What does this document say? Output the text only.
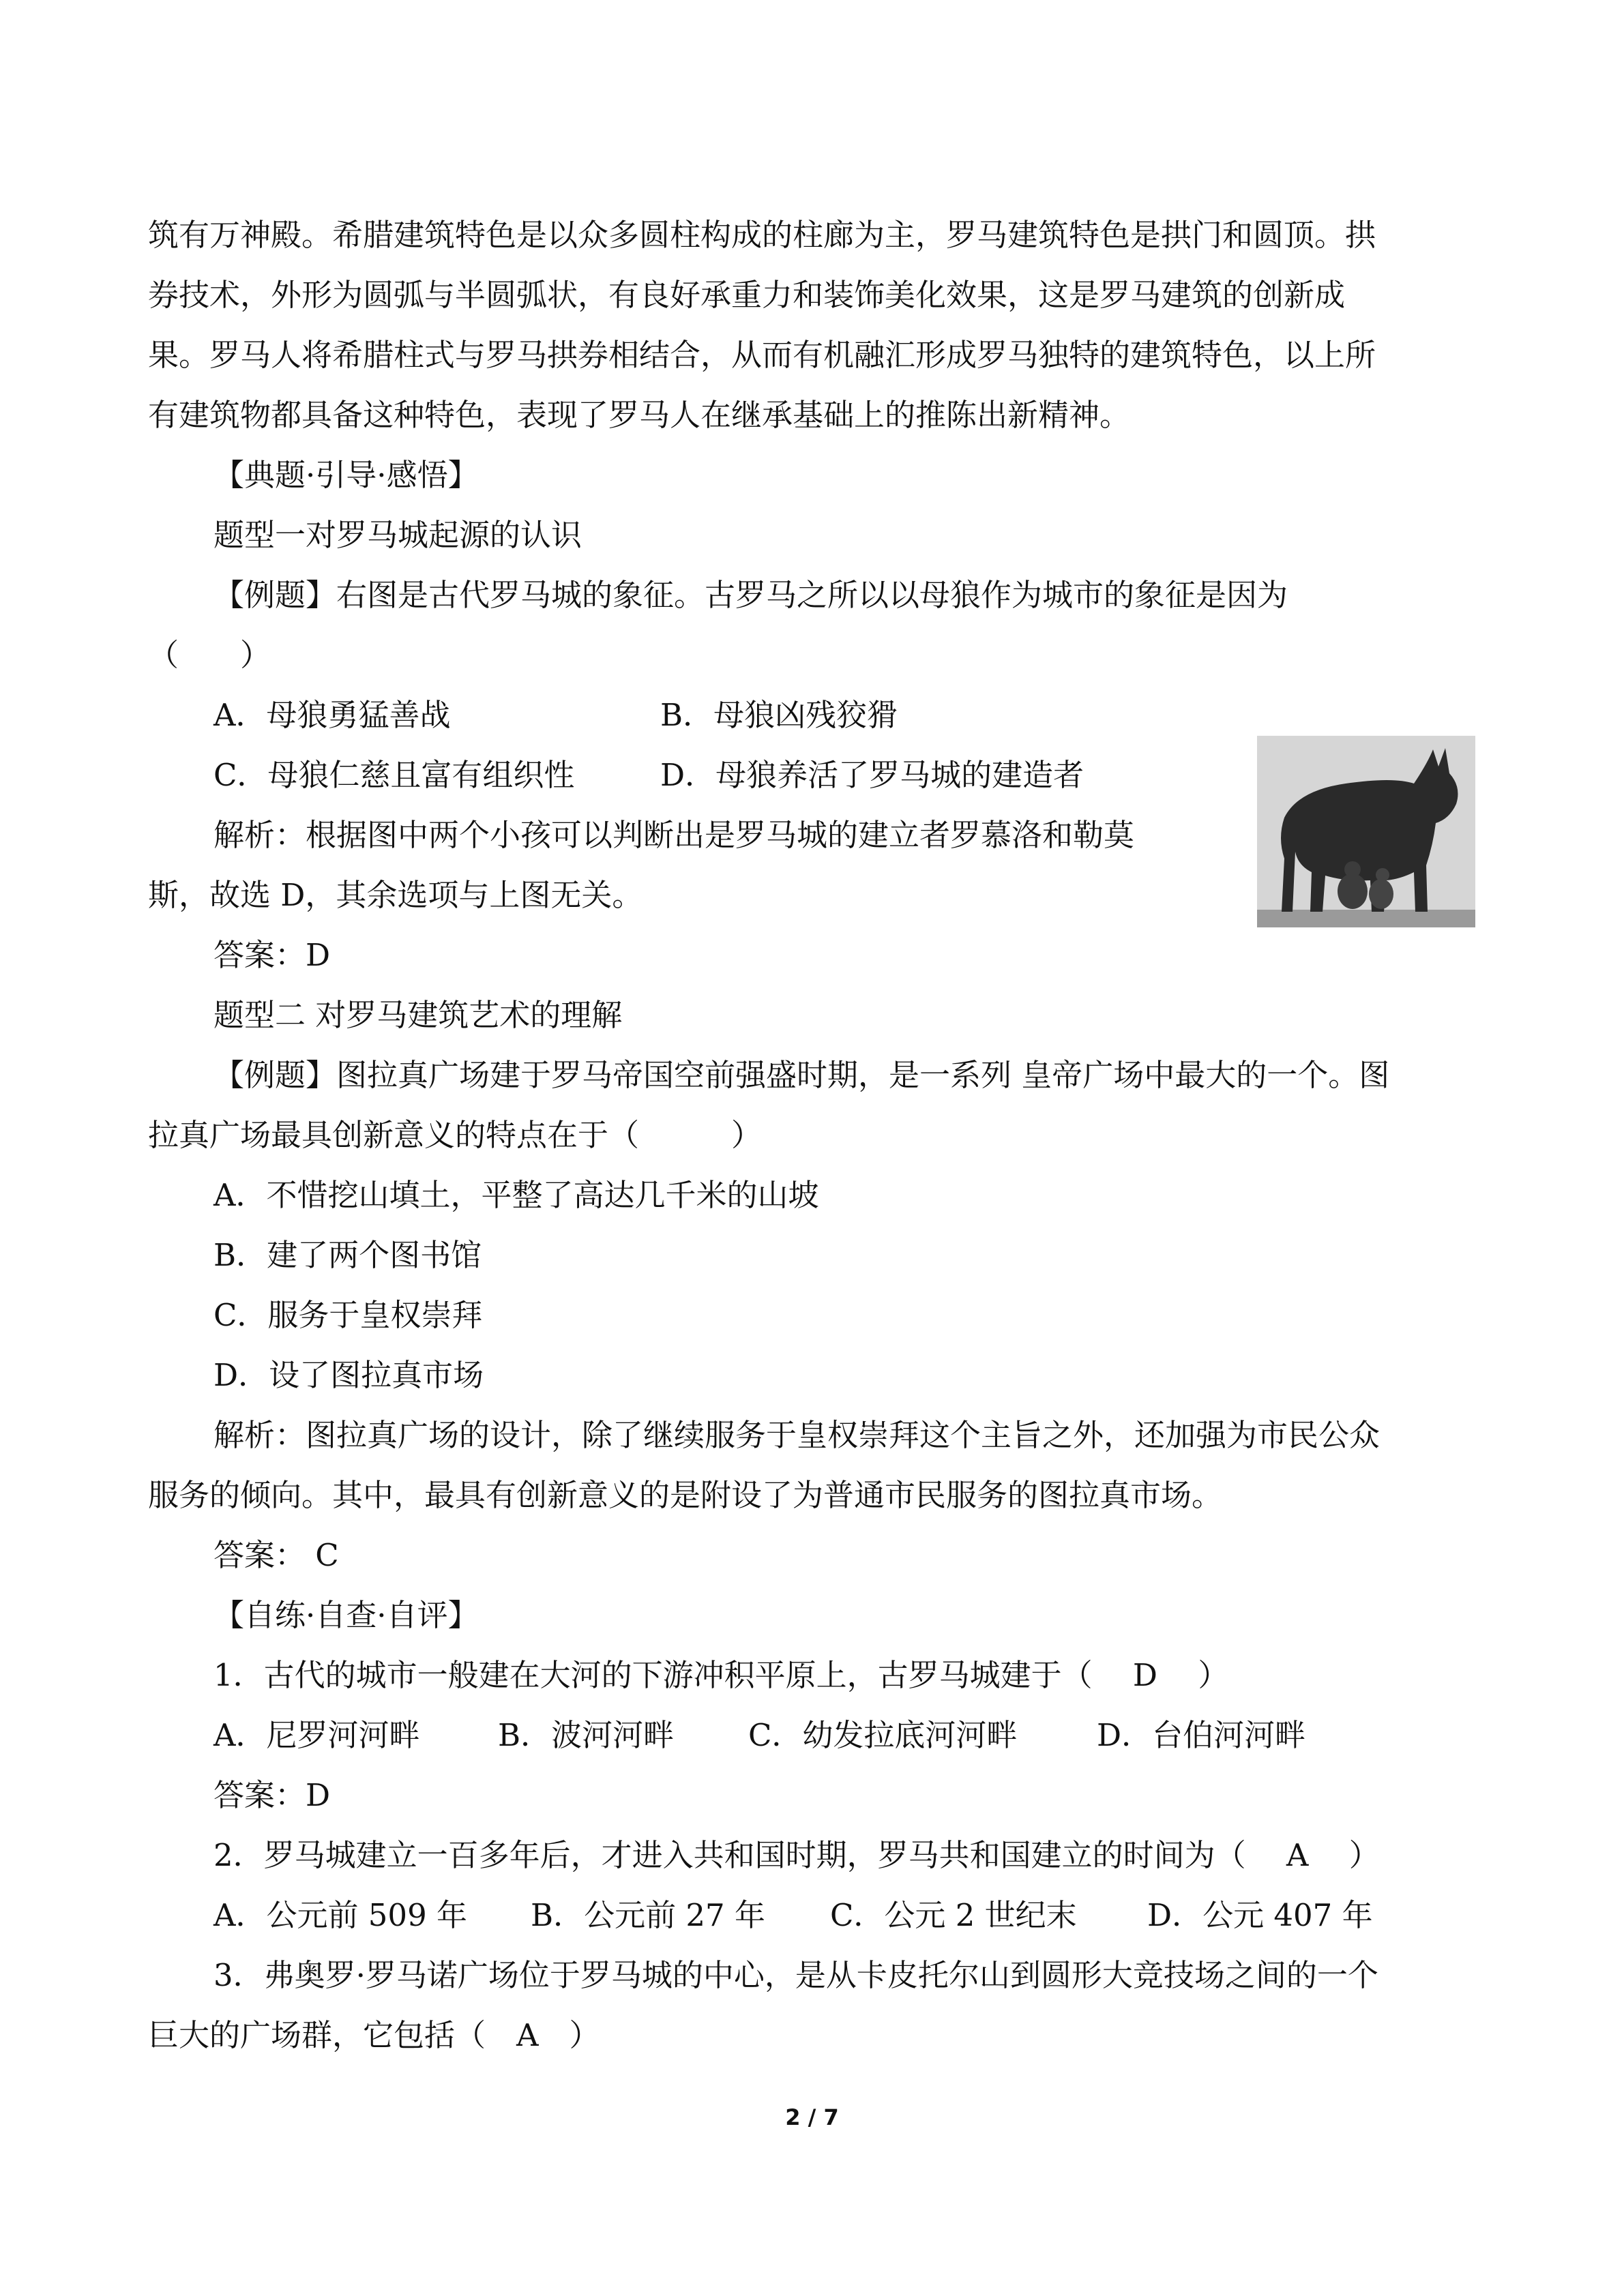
筑有万神殿。希腊建筑特色是以众多圆柱构成的柱廊为主，罗马建筑特色是拱门和圆顶。拱
券技术，外形为圆弧与半圆弧状，有良好承重力和装饰美化效果，这是罗马建筑的创新成
果。罗马人将希腊柱式与罗马拱券相结合，从而有机融汇形成罗马独特的建筑特色，以上所
有建筑物都具备这种特色，表现了罗马人在继承基础上的推陈出新精神。
【典题·引导·感悟】
题型一对罗马城起源的认识
【例题】右图是古代罗马城的象征。古罗马之所以以母狼作为城市的象征是因为
（　　）
A．母狼勇猛善战	B．母狼凶残狡猾
C．母狼仁慈且富有组织性	D．母狼养活了罗马城的建造者
解析：根据图中两个小孩可以判断出是罗马城的建立者罗慕洛和勒莫
斯，故选 D，其余选项与上图无关。
答案：D
题型二 对罗马建筑艺术的理解
【例题】图拉真广场建于罗马帝国空前强盛时期，是一系列 皇帝广场中最大的一个。图
拉真广场最具创新意义的特点在于（　　　）
A．不惜挖山填土，平整了高达几千米的山坡
B．建了两个图书馆
C．服务于皇权崇拜
D．设了图拉真市场
解析：图拉真广场的设计，除了继续服务于皇权崇拜这个主旨之外，还加强为市民公众
服务的倾向。其中，最具有创新意义的是附设了为普通市民服务的图拉真市场。
答案： C
【自练·自查·自评】
1．古代的城市一般建在大河的下游冲积平原上，古罗马城建于（　 D　 ）
A．尼罗河河畔	B．波河河畔 C．幼发拉底河河畔	D．台伯河河畔
答案：D
2．罗马城建立一百多年后，才进入共和国时期，罗马共和国建立的时间为（　 A　 ）
A．公元前 509 年 B．公元前 27 年 C．公元 2 世纪末 D．公元 407 年
3．弗奥罗·罗马诺广场位于罗马城的中心，是从卡皮托尔山到圆形大竞技场之间的一个
巨大的广场群，它包括（　A　）
2 / 7
